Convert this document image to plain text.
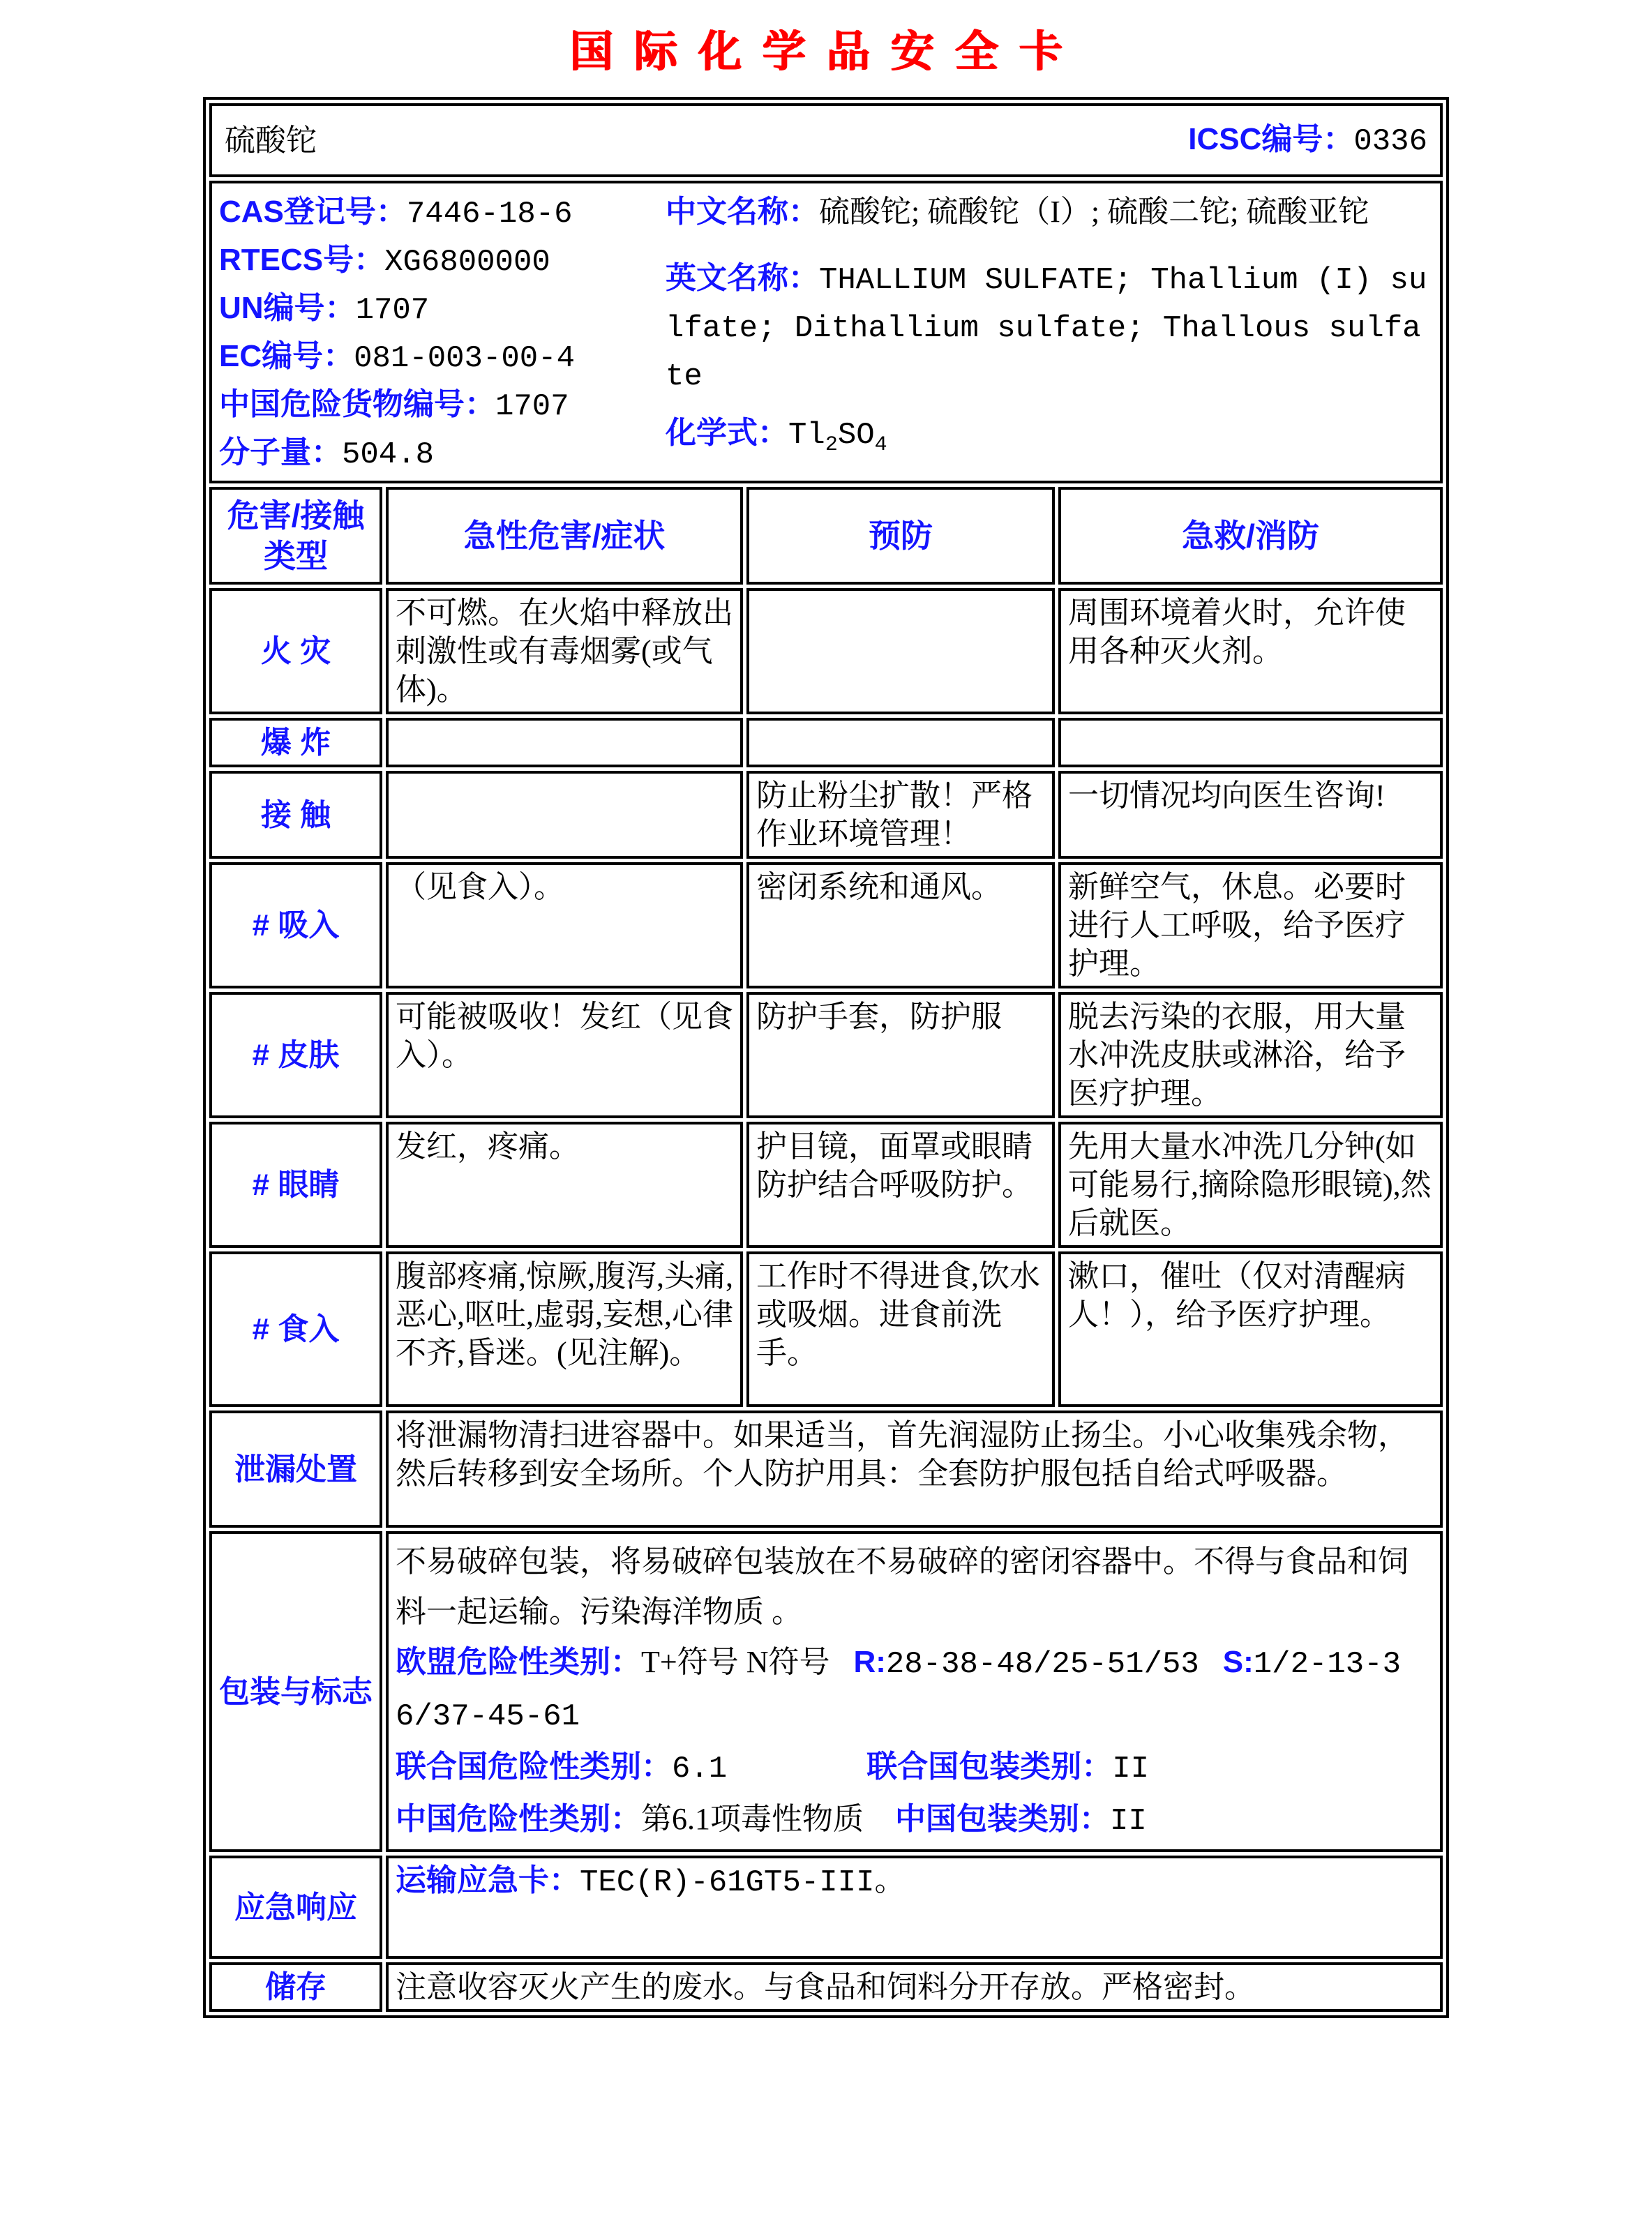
国际化学品安全卡
硫酸铊 ICSC编号：0336			

CAS登记号：7446-18-6
RTECS号：XG6800000
UN编号：1707
EC编号：081-003-00-4
中国危险货物编号：1707
分子量：504.8

中文名称：硫酸铊; 硫酸铊（I）; 硫酸二铊; 硫酸亚铊

英文名称：THALLIUM SULFATE; Thallium (I) sulfate; Dithallium sulfate; Thallous sulfate

化学式：$Tl_2SO_4$

危害/接触类型	急性危害/症状	预防	急救/消防
火 灾	不可燃。在火焰中释放出刺激性或有毒烟雾(或气体)。		周围环境着火时，允许使用各种灭火剂。
爆 炸			
接 触		防止粉尘扩散！严格作业环境管理！	一切情况均向医生咨询!
# 吸入	（见食入）。	密闭系统和通风。	新鲜空气，休息。必要时进行人工呼吸，给予医疗护理。
# 皮肤	可能被吸收！发红（见食入）。	防护手套，防护服	脱去污染的衣服，用大量水冲洗皮肤或淋浴，给予医疗护理。
# 眼睛	发红，疼痛。	护目镜，面罩或眼睛防护结合呼吸防护。	先用大量水冲洗几分钟(如可能易行,摘除隐形眼镜),然后就医。
# 食入	腹部疼痛,惊厥,腹泻,头痛,恶心,呕吐,虚弱,妄想,心律不齐,昏迷。(见注解)。	工作时不得进食,饮水或吸烟。进食前洗手。	漱口，催吐（仅对清醒病人！），给予医疗护理。
泄漏处置	将泄漏物清扫进容器中。如果适当，首先润湿防止扬尘。小心收集残余物，然后转移到安全场所。个人防护用具：全套防护服包括自给式呼吸器。		
包装与标志	不易破碎包装，将易破碎包装放在不易破碎的密闭容器中。不得与食品和饲料一起运输。污染海洋物质 。
欧盟危险性类别：T+符号 N符号 R:28-38-48/25-51/53 S:1/2-13-36/37-45-61
联合国危险性类别：6.1 联合国包装类别：II
中国危险性类别：第6.1项毒性物质 中国包装类别：II		

应急响应	运输应急卡：TEC(R)-61GT5-III。		
储存	注意收容灭火产生的废水。与食品和饲料分开存放。严格密封。		
